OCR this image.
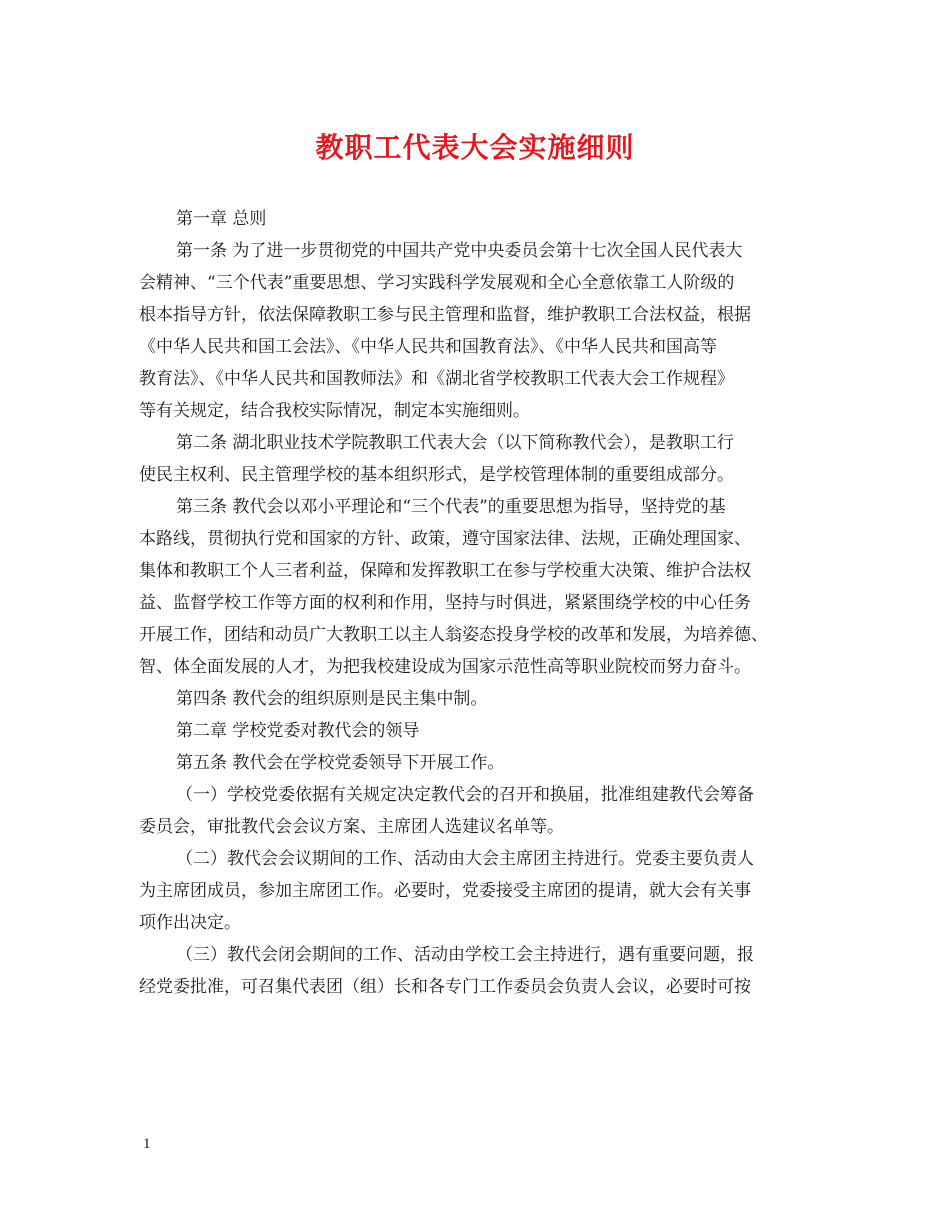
教职工代表大会实施细则
第一章 总则
第一条 为了进一步贯彻党的中国共产党中央委员会第十七次全国人民代表大
会精神、“三个代表”重要思想、学习实践科学发展观和全心全意依靠工人阶级的
根本指导方针，依法保障教职工参与民主管理和监督，维护教职工合法权益，根据
《中华人民共和国工会法》、《中华人民共和国教育法》、《中华人民共和国高等
教育法》、《中华人民共和国教师法》和《湖北省学校教职工代表大会工作规程》
等有关规定，结合我校实际情况，制定本实施细则。
第二条 湖北职业技术学院教职工代表大会（以下简称教代会），是教职工行
使民主权利、民主管理学校的基本组织形式，是学校管理体制的重要组成部分。
第三条 教代会以邓小平理论和“三个代表”的重要思想为指导，坚持党的基
本路线，贯彻执行党和国家的方针、政策，遵守国家法律、法规，正确处理国家、
集体和教职工个人三者利益，保障和发挥教职工在参与学校重大决策、维护合法权
益、监督学校工作等方面的权利和作用，坚持与时俱进，紧紧围绕学校的中心任务
开展工作，团结和动员广大教职工以主人翁姿态投身学校的改革和发展，为培养德、
智、体全面发展的人才，为把我校建设成为国家示范性高等职业院校而努力奋斗。
第四条 教代会的组织原则是民主集中制。
第二章 学校党委对教代会的领导
第五条 教代会在学校党委领导下开展工作。
（一）学校党委依据有关规定决定教代会的召开和换届，批准组建教代会筹备
委员会，审批教代会会议方案、主席团人选建议名单等。
（二）教代会会议期间的工作、活动由大会主席团主持进行。党委主要负责人
为主席团成员，参加主席团工作。必要时，党委接受主席团的提请，就大会有关事
项作出决定。
（三）教代会闭会期间的工作、活动由学校工会主持进行，遇有重要问题，报
经党委批准，可召集代表团（组）长和各专门工作委员会负责人会议，必要时可按
1
